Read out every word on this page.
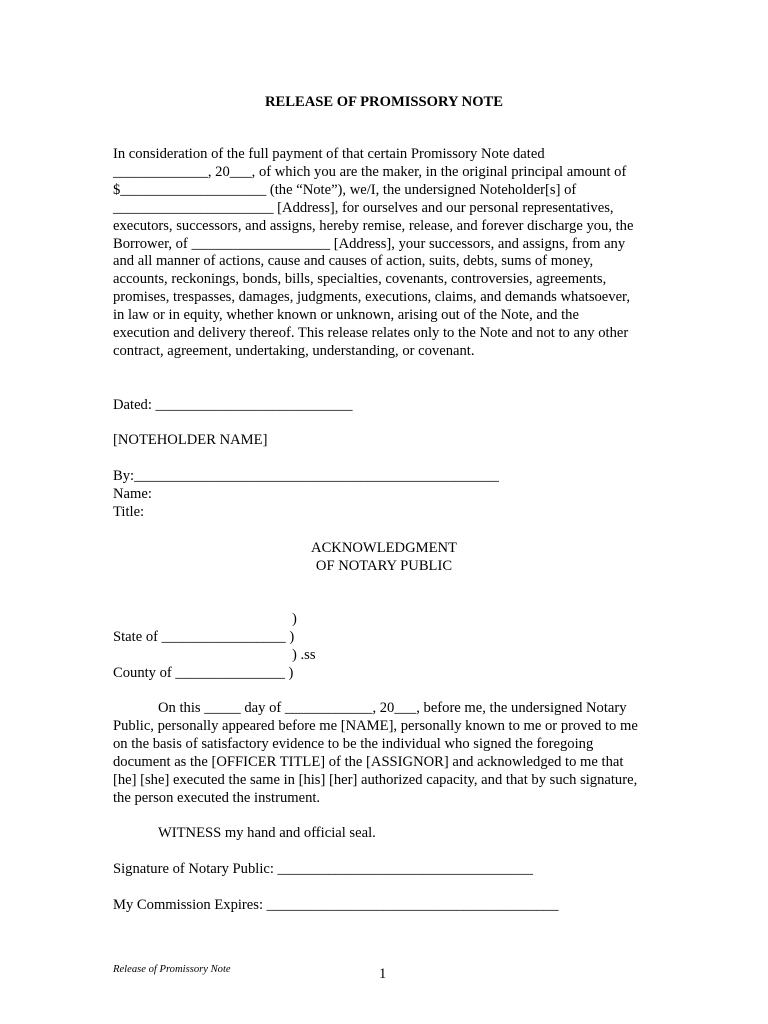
RELEASE OF PROMISSORY NOTE
In consideration of the full payment of that certain Promissory Note dated
_____________, 20___, of which you are the maker, in the original principal amount of
$____________________ (the “Note”), we/I, the undersigned Noteholder[s] of
______________________ [Address], for ourselves and our personal representatives,
executors, successors, and assigns, hereby remise, release, and forever discharge you, the
Borrower, of ___________________ [Address], your successors, and assigns, from any
and all manner of actions, cause and causes of action, suits, debts, sums of money,
accounts, reckonings, bonds, bills, specialties, covenants, controversies, agreements,
promises, trespasses, damages, judgments, executions, claims, and demands whatsoever,
in law or in equity, whether known or unknown, arising out of the Note, and the
execution and delivery thereof. This release relates only to the Note and not to any other
contract, agreement, undertaking, understanding, or covenant.
Dated: ___________________________
[NOTEHOLDER NAME]
By:__________________________________________________
Name:
Title:
ACKNOWLEDGMENT
OF NOTARY PUBLIC
)
State of _________________ )
) .ss
County of _______________ )
On this _____ day of ____________, 20___, before me, the undersigned Notary
Public, personally appeared before me [NAME], personally known to me or proved to me
on the basis of satisfactory evidence to be the individual who signed the foregoing
document as the [OFFICER TITLE] of the [ASSIGNOR] and acknowledged to me that
[he] [she] executed the same in [his] [her] authorized capacity, and that by such signature,
the person executed the instrument.
WITNESS my hand and official seal.
Signature of Notary Public: ___________________________________
My Commission Expires: ________________________________________
Release of Promissory Note	1
